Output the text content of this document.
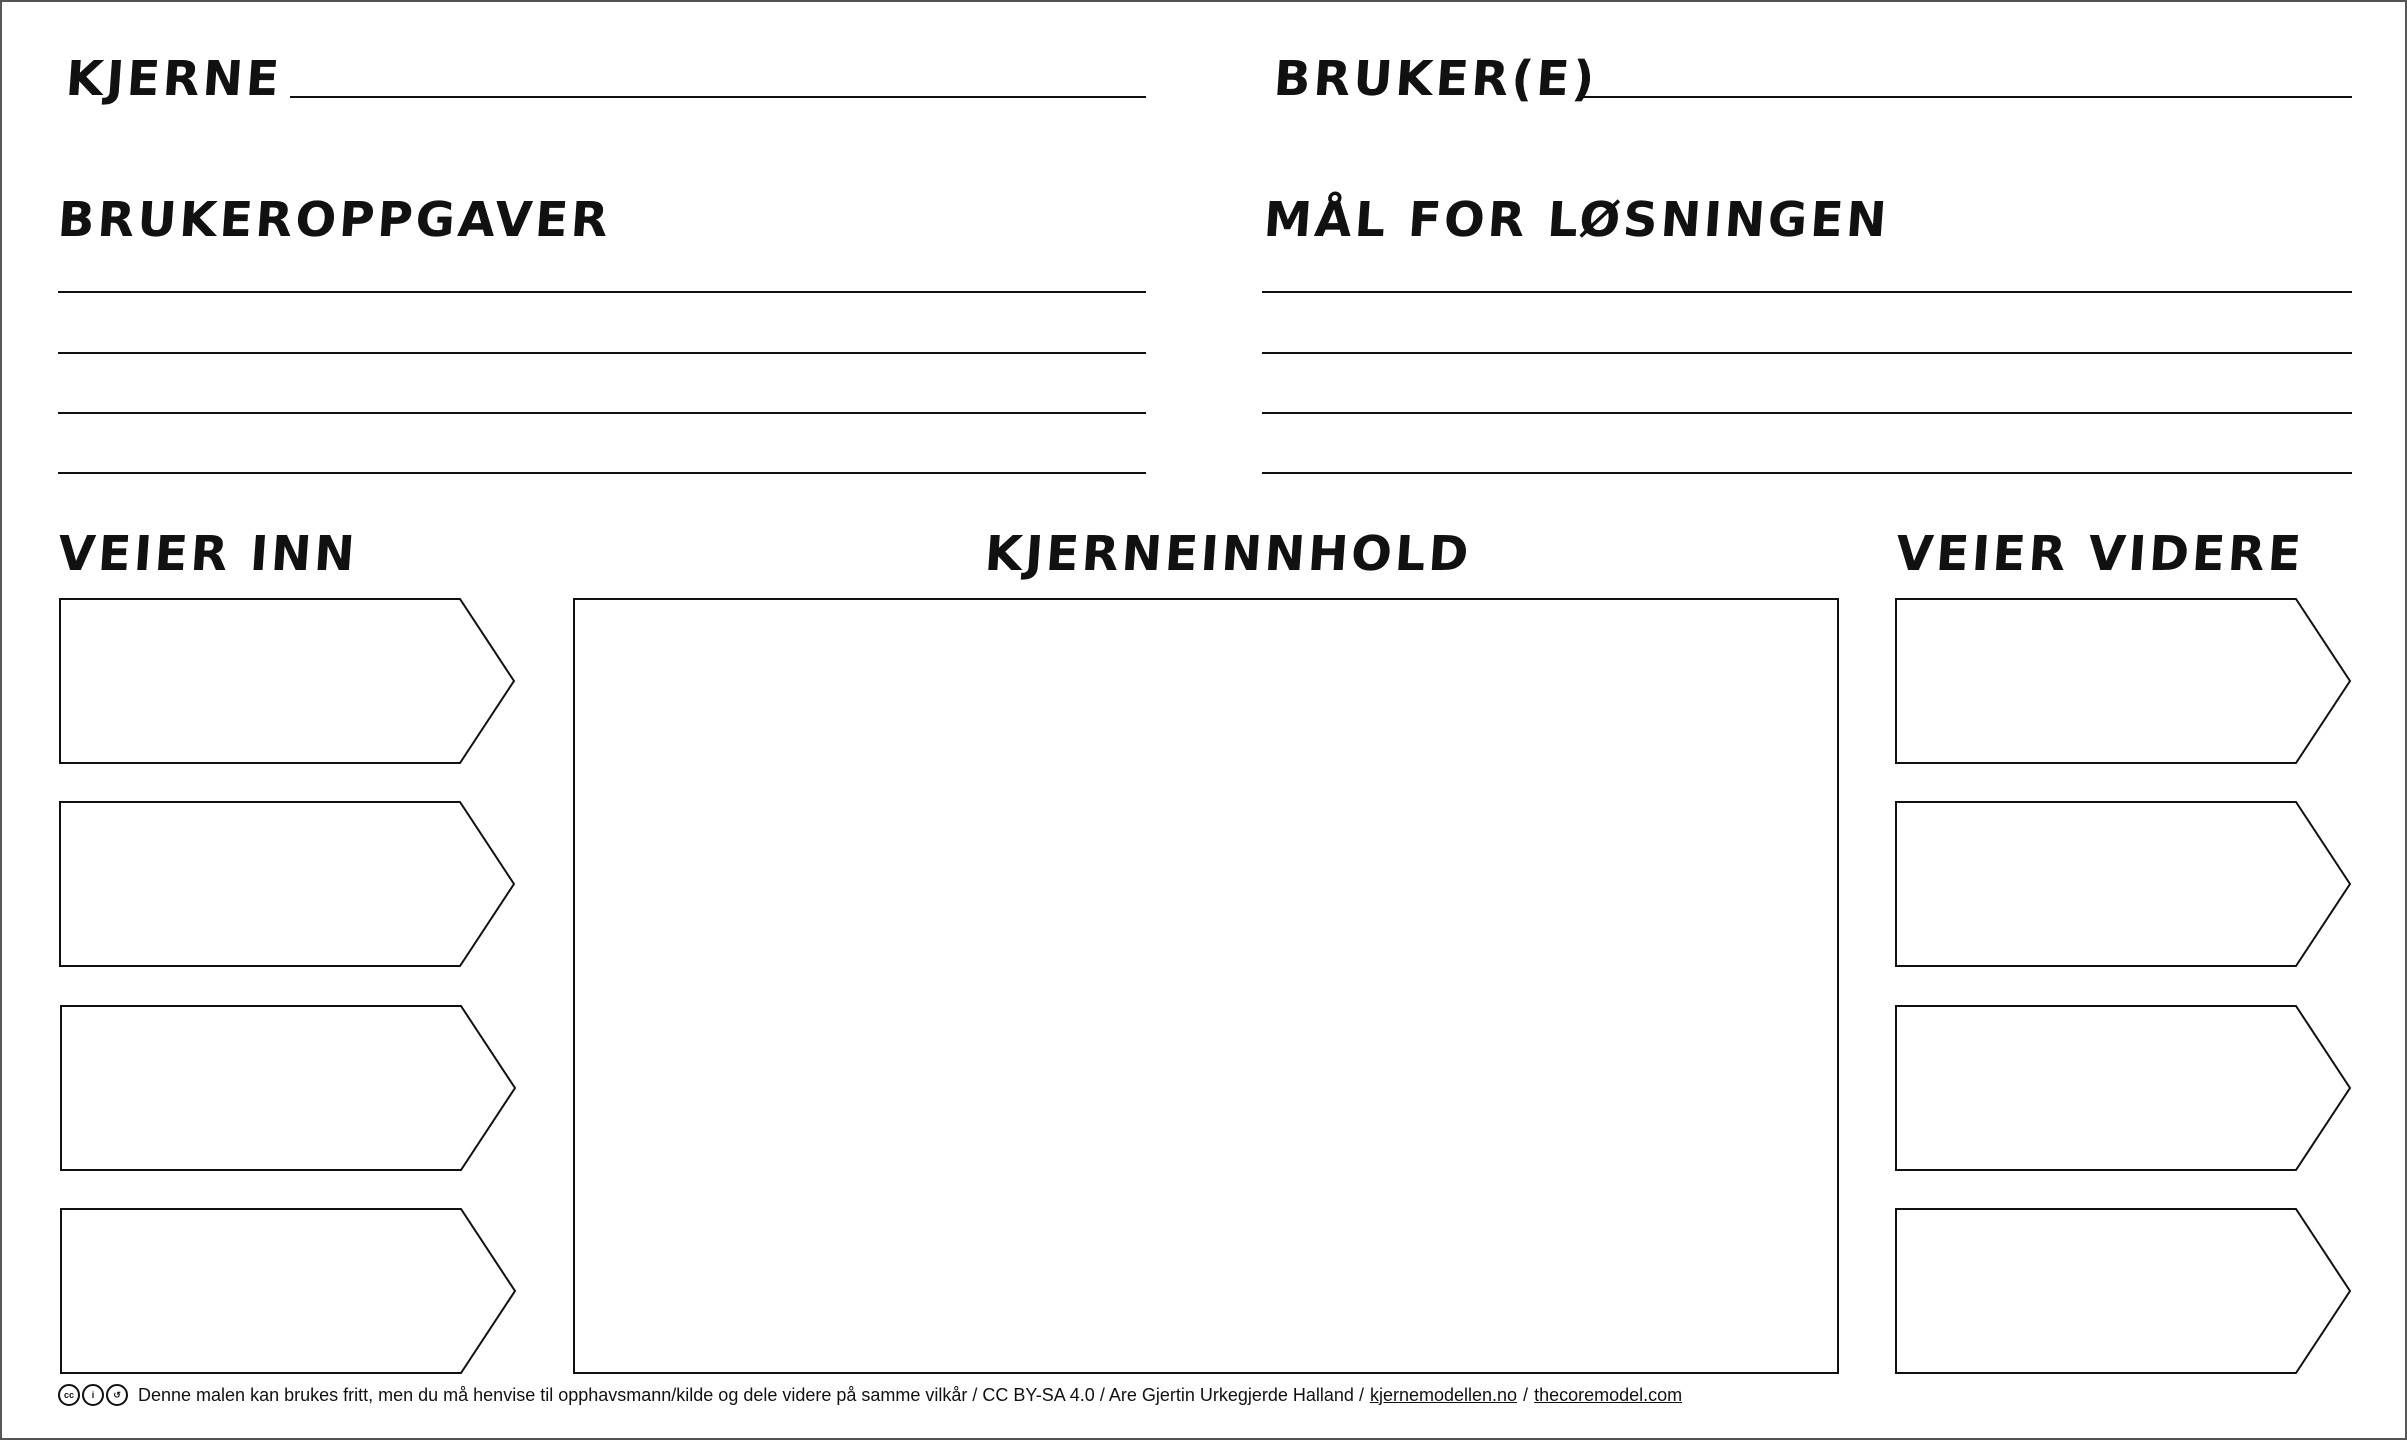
KJERNE	BRUKER(E)
BRUKEROPPGAVER	MÅL FOR LØSNINGEN
VEIER INN	KJERNEINNHOLD	VEIER VIDERE
cc	i	↺ Denne malen kan brukes fritt, men du må henvise til opphavsmann/kilde og dele videre på samme vilkår / CC BY-SA 4.0 / Are Gjertin Urkegjerde Halland / kjernemodellen.no / thecoremodel.com
